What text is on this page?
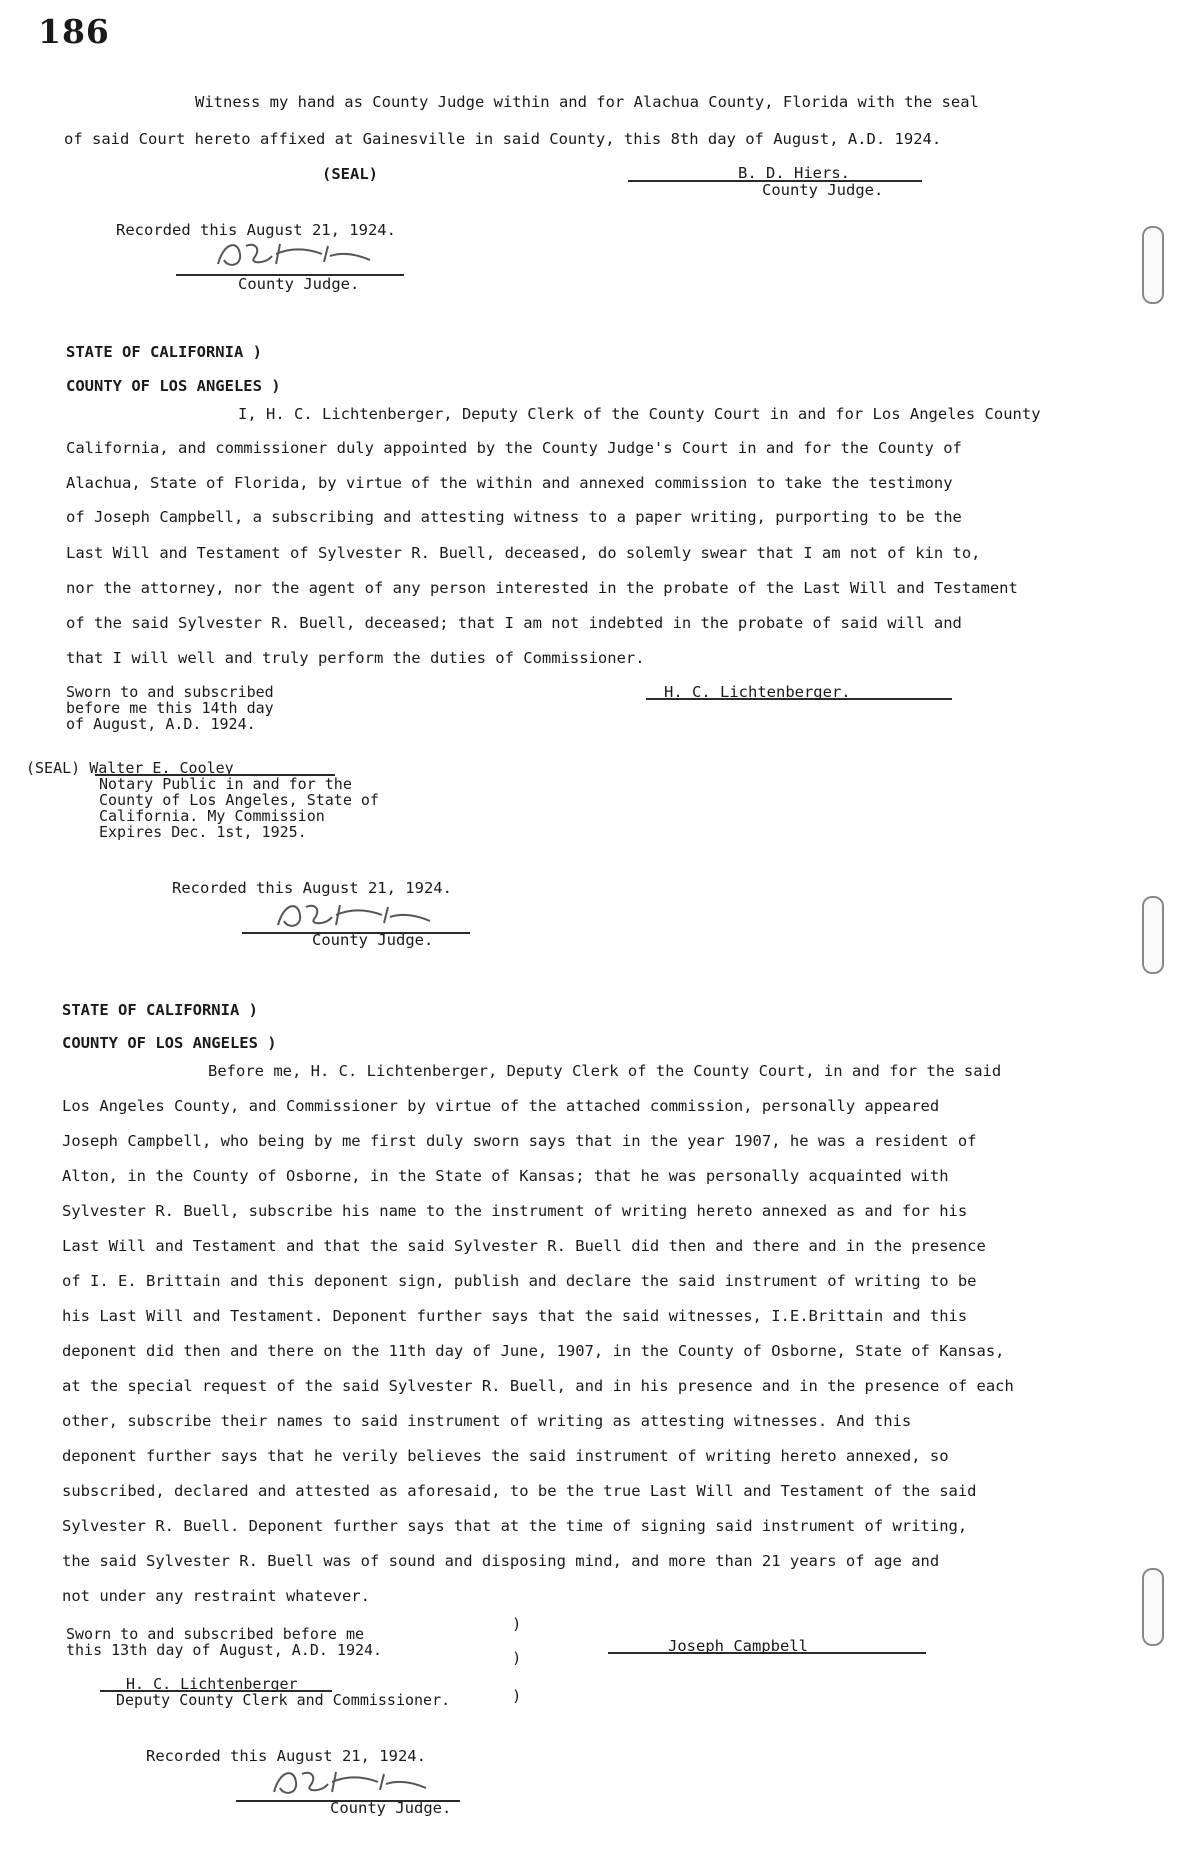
186
Witness my hand as County Judge within and for Alachua County, Florida with the seal
of said Court hereto affixed at Gainesville in said County, this 8th day of August, A.D. 1924.
(SEAL)	B. D. Hiers.
County Judge.
Recorded this August 21, 1924.
County Judge.
STATE OF CALIFORNIA )
COUNTY OF LOS ANGELES )
I, H. C. Lichtenberger, Deputy Clerk of the County Court in and for Los Angeles County
California, and commissioner duly appointed by the County Judge's Court in and for the County of
Alachua, State of Florida, by virtue of the within and annexed commission to take the testimony
of Joseph Campbell, a subscribing and attesting witness to a paper writing, purporting to be the
Last Will and Testament of Sylvester R. Buell, deceased, do solemly swear that I am not of kin to,
nor the attorney, nor the agent of any person interested in the probate of the Last Will and Testament
of the said Sylvester R. Buell, deceased; that I am not indebted in the probate of said will and
that I will well and truly perform the duties of Commissioner.
Sworn to and subscribed
before me this 14th day
of August, A.D. 1924.
H. C. Lichtenberger.
(SEAL) Walter E. Cooley
Notary Public in and for the
County of Los Angeles, State of
California. My Commission
Expires Dec. 1st, 1925.
Recorded this August 21, 1924.
County Judge.
STATE OF CALIFORNIA )
COUNTY OF LOS ANGELES )
Before me, H. C. Lichtenberger, Deputy Clerk of the County Court, in and for the said
Los Angeles County, and Commissioner by virtue of the attached commission, personally appeared
Joseph Campbell, who being by me first duly sworn says that in the year 1907, he was a resident of
Alton, in the County of Osborne, in the State of Kansas; that he was personally acquainted with
Sylvester R. Buell, subscribe his name to the instrument of writing hereto annexed as and for his
Last Will and Testament and that the said Sylvester R. Buell did then and there and in the presence
of I. E. Brittain and this deponent sign, publish and declare the said instrument of writing to be
his Last Will and Testament. Deponent further says that the said witnesses, I.E.Brittain and this
deponent did then and there on the 11th day of June, 1907, in the County of Osborne, State of Kansas,
at the special request of the said Sylvester R. Buell, and in his presence and in the presence of each
other, subscribe their names to said instrument of writing as attesting witnesses. And this
deponent further says that he verily believes the said instrument of writing hereto annexed, so
subscribed, declared and attested as aforesaid, to be the true Last Will and Testament of the said
Sylvester R. Buell. Deponent further says that at the time of signing said instrument of writing,
the said Sylvester R. Buell was of sound and disposing mind, and more than 21 years of age and
not under any restraint whatever.
Sworn to and subscribed before me
this 13th day of August, A.D. 1924.
)
)
)
Joseph Campbell
H. C. Lichtenberger
Deputy County Clerk and Commissioner.
Recorded this August 21, 1924.
County Judge.
